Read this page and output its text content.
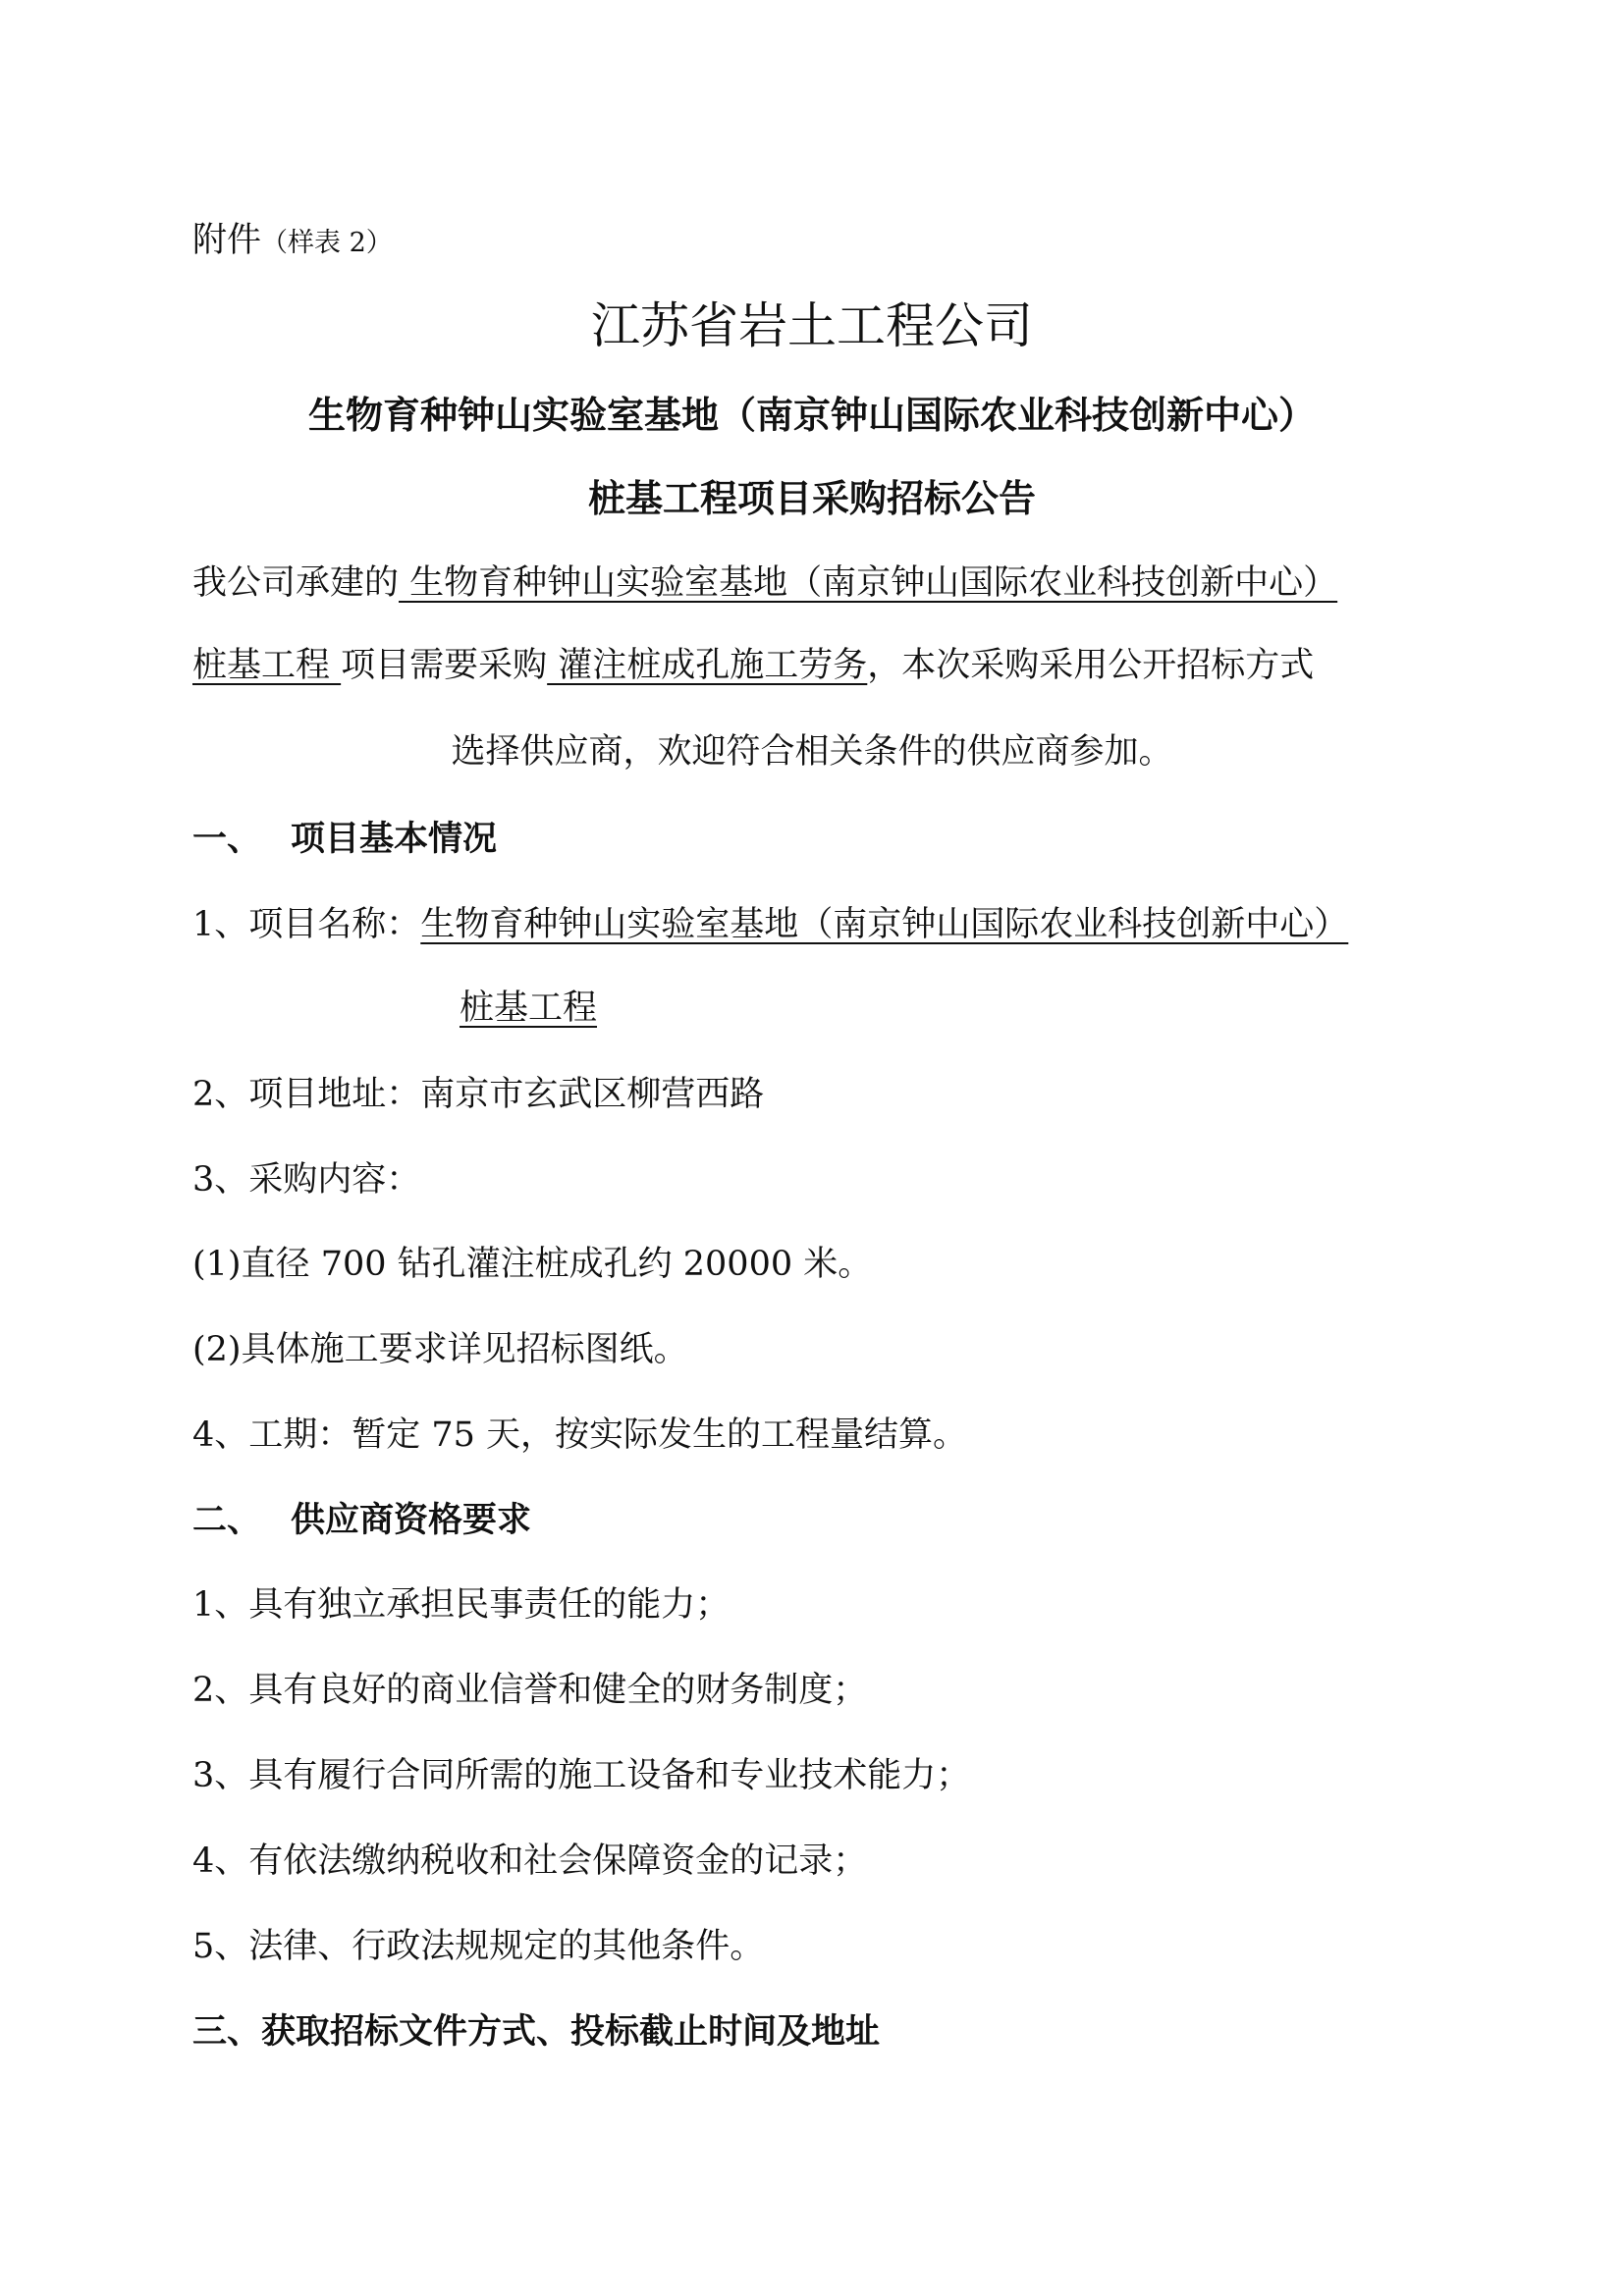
附件（样表 2）
江苏省岩土工程公司
生物育种钟山实验室基地（南京钟山国际农业科技创新中心）
桩基工程项目采购招标公告
我公司承建的 生物育种钟山实验室基地（南京钟山国际农业科技创新中心）
桩基工程 项目需要采购 灌注桩成孔施工劳务，本次采购采用公开招标方式
选择供应商，欢迎符合相关条件的供应商参加。
一、 项目基本情况
1、项目名称：生物育种钟山实验室基地（南京钟山国际农业科技创新中心）
桩基工程
2、项目地址：南京市玄武区柳营西路
3、采购内容：
(1)直径 700 钻孔灌注桩成孔约 20000 米。
(2)具体施工要求详见招标图纸。
4、工期：暂定 75 天，按实际发生的工程量结算。
二、 供应商资格要求
1、具有独立承担民事责任的能力；
2、具有良好的商业信誉和健全的财务制度；
3、具有履行合同所需的施工设备和专业技术能力；
4、有依法缴纳税收和社会保障资金的记录；
5、法律、行政法规规定的其他条件。
三、获取招标文件方式、投标截止时间及地址
